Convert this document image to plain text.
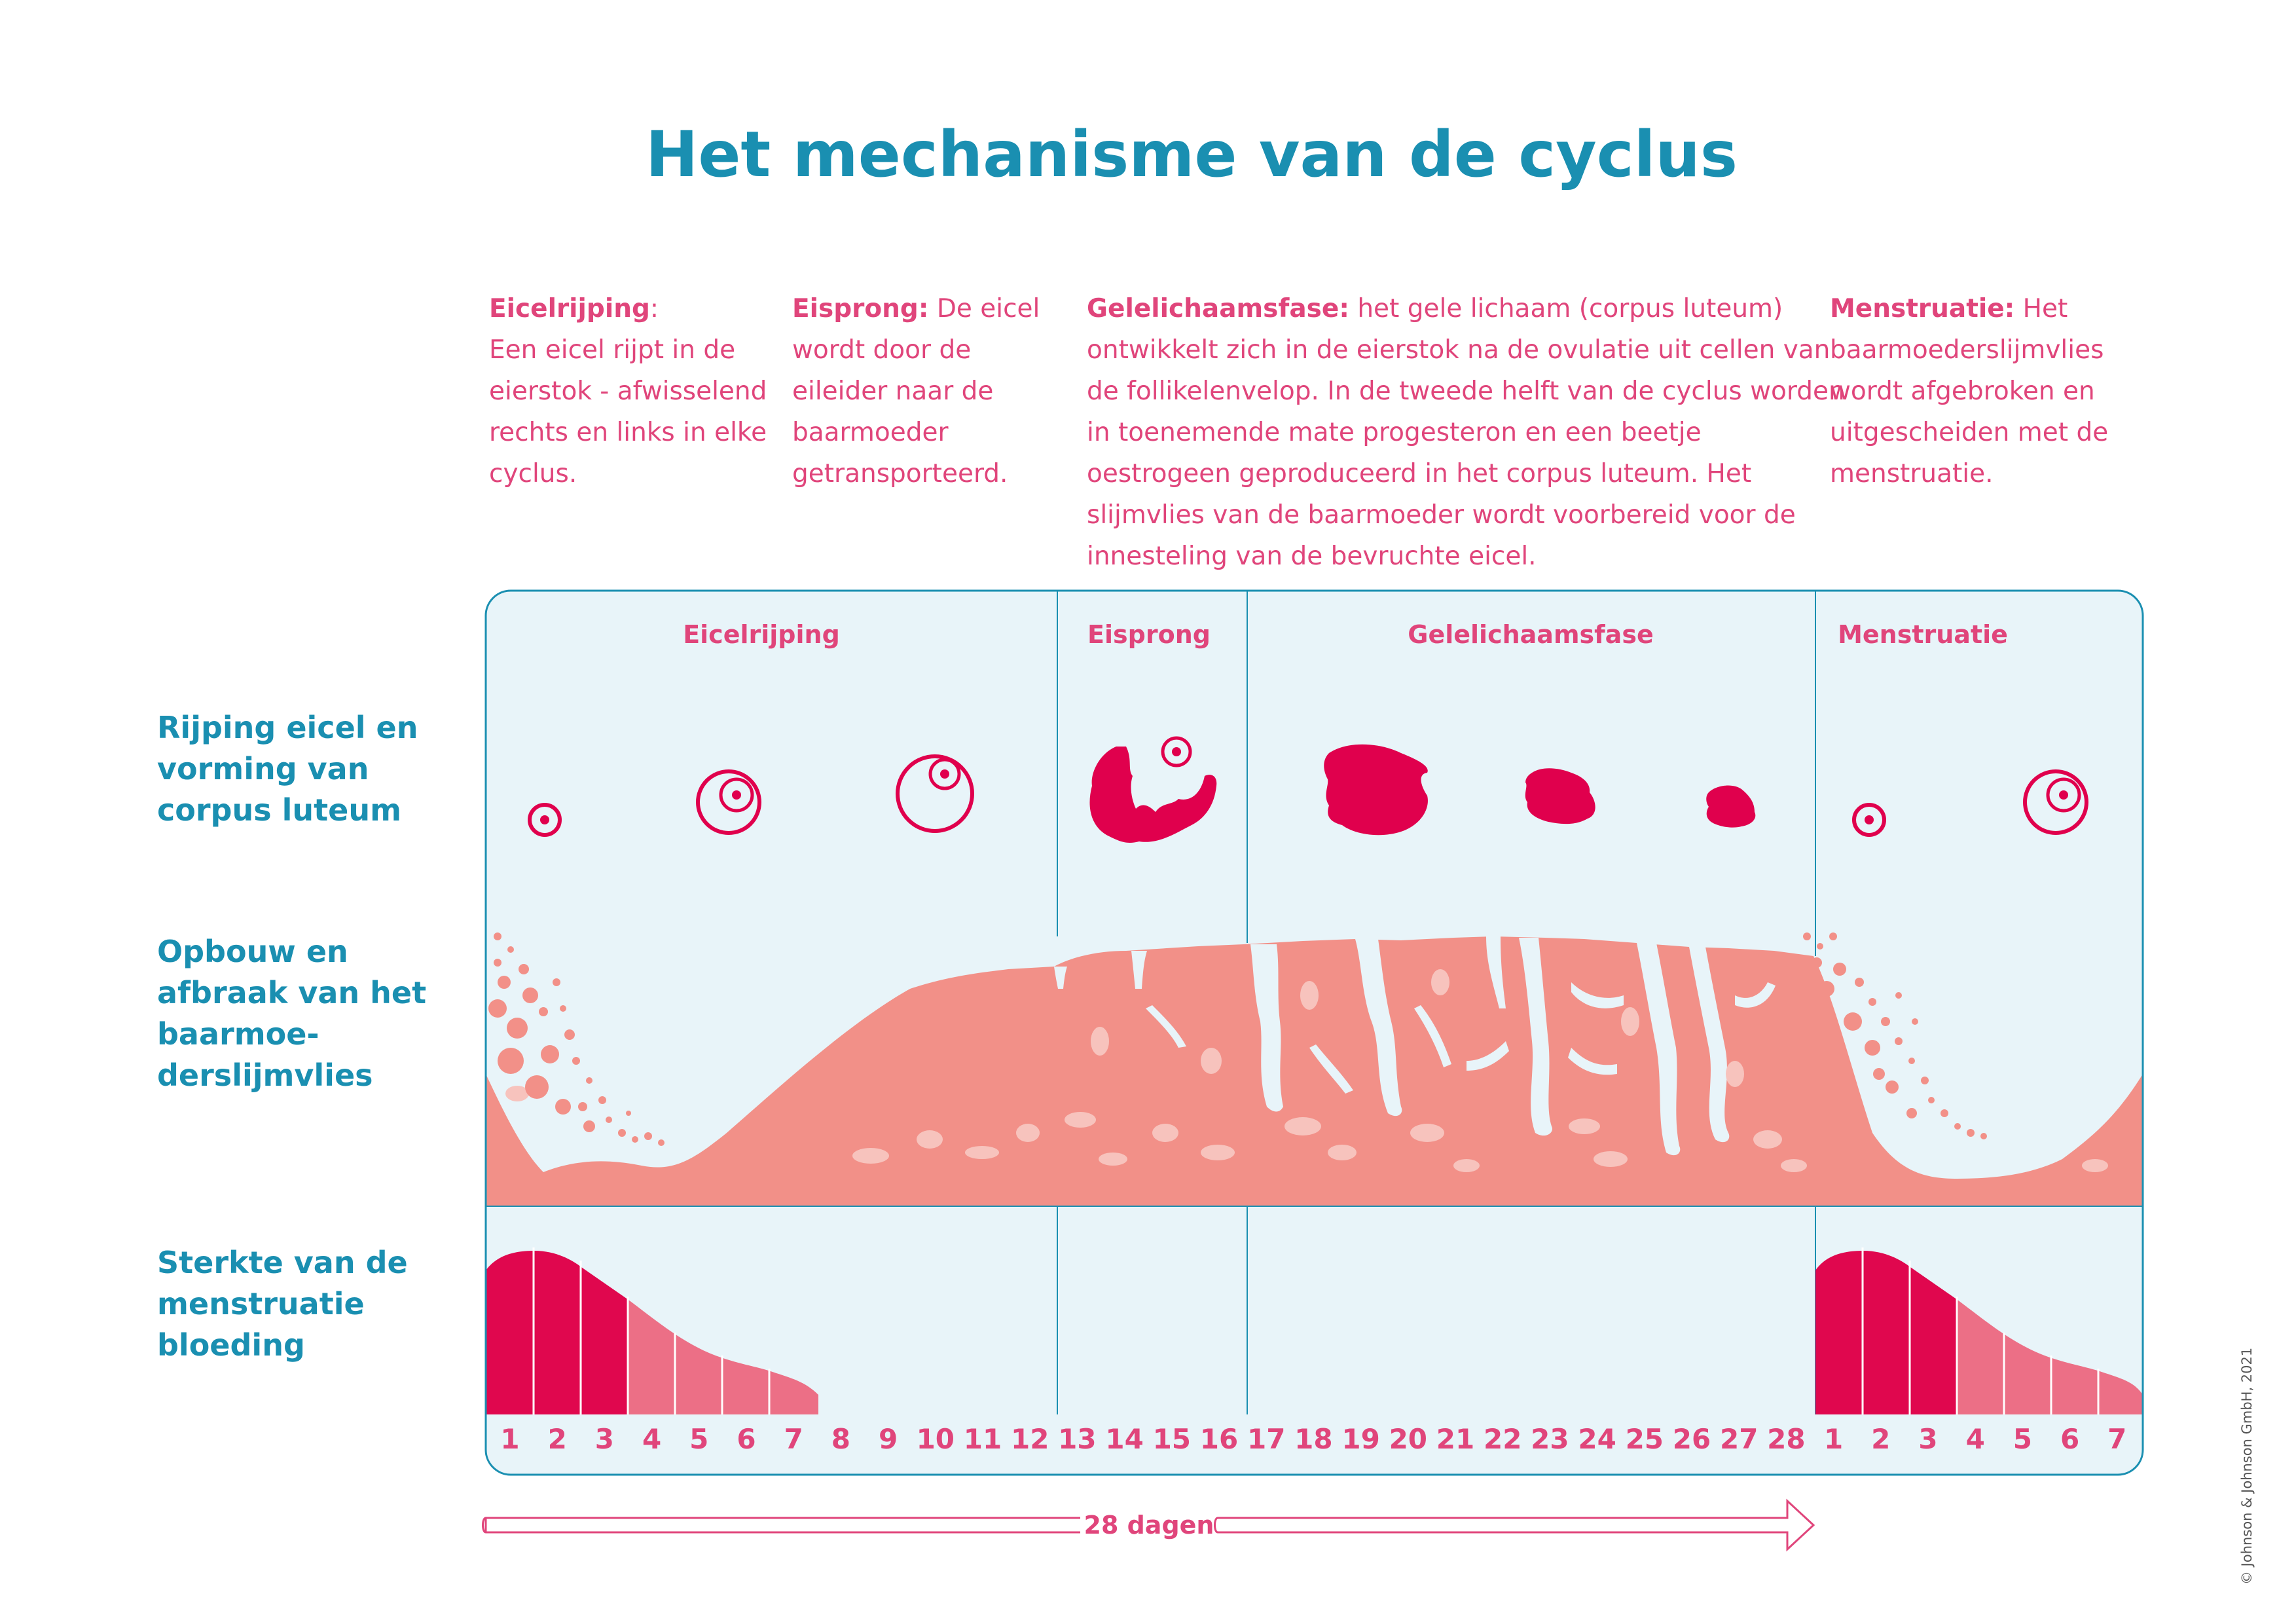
Het mechanisme van de cyclus
Eicelrijping:
Een eicel rijpt in de eierstok - afwisselend rechts en links in elke cyclus.
Eisprong: De eicel wordt door de eileider naar de baarmoeder getransporteerd.
Gelelichaamsfase: het gele lichaam (corpus luteum) ontwikkelt zich in de eierstok na de ovulatie uit cellen van de follikelenvelop. In de tweede helft van de cyclus worden in toenemende mate progesteron en een beetje oestrogeen geproduceerd in het corpus luteum. Het slijmvlies van de baarmoeder wordt voorbereid voor de innesteling van de bevruchte eicel.
Menstruatie: Het baarmoederslijmvlies wordt afgebroken en uitgescheiden met de menstruatie.
Rijping eicel en vorming van corpus luteum
Opbouw en afbraak van het baarmoe-derslijmvlies
Sterkte van de menstruatie bloeding
Eicelrijping	Eisprong	Gelelichaamsfase	Menstruatie
1 2 3 4 5 6 7 8 9 10 11 12 13 14 15 16 17 18 19 20 21 22 23 24 25 26 27 28 1 2 3 4 5 6 7
28 dagen	© Johnson & Johnson GmbH, 2021
